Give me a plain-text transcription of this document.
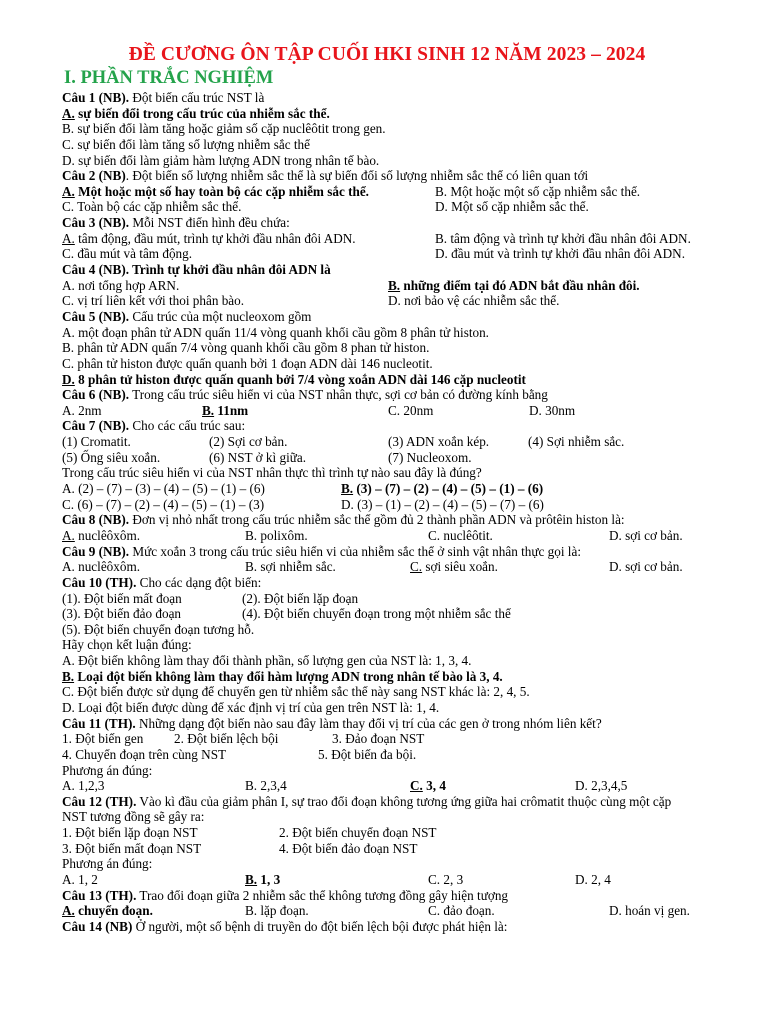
ĐỀ CƯƠNG ÔN TẬP CUỐI HKI SINH 12 NĂM 2023 – 2024
I. PHẦN TRẮC NGHIỆM
Câu 1 (NB). Đột biến cấu trúc NST là
A. sự biến đổi trong cấu trúc của nhiễm sắc thể.
B. sự biến đổi làm tăng hoặc giảm số cặp nuclêôtit trong gen.
C. sự biến đổi làm tăng số lượng nhiễm sắc thể
D. sự biến đổi làm giảm hàm lượng ADN trong nhân tế bào.
Câu 2 (NB). Đột biến số lượng nhiễm sắc thể là sự biến đổi số lượng nhiễm sắc thể có liên quan tới
A. Một hoặc một số hay toàn bộ các cặp nhiễm sắc thể.	B. Một hoặc một số cặp nhiễm sắc thể.
C. Toàn bộ các cặp nhiễm sắc thể.	D. Một số cặp nhiễm sắc thể.
Câu 3 (NB). Mỗi NST điển hình đều chứa:
A. tâm động, đầu mút, trình tự khởi đầu nhân đôi ADN.	B. tâm động và trình tự khởi đầu nhân đôi ADN.
C. đầu mút và tâm động.	D. đầu mút và trình tự khởi đầu nhân đôi ADN.
Câu 4 (NB). Trình tự khởi đầu nhân đôi ADN là
A. nơi tổng hợp ARN.	B. những điểm tại đó ADN bắt đầu nhân đôi.
C. vị trí liên kết với thoi phân bào.	D. nơi bảo vệ các nhiễm sắc thể.
Câu 5 (NB). Cấu trúc của một nucleoxom gồm
A. một đoạn phân tử ADN quấn 11/4 vòng quanh khối cầu gồm 8 phân tử histon.
B. phân tử ADN quấn 7/4 vòng quanh khối cầu gồm 8 phan tử histon.
C. phân tử histon được quấn quanh bởi 1 đoạn ADN dài 146 nucleotit.
D. 8 phân tử histon được quấn quanh bởi 7/4 vòng xoắn ADN dài 146 cặp nucleotit
Câu 6 (NB). Trong cấu trúc siêu hiển vi của NST nhân thực, sợi cơ bản có đường kính bằng
A. 2nm	B. 11nm	C. 20nm	D. 30nm
Câu 7 (NB). Cho các cấu trúc sau:
(1) Cromatit.	(2) Sợi cơ bản.	(3) ADN xoắn kép.	(4) Sợi nhiễm sắc.
(5) Ống siêu xoắn.	(6) NST ở kì giữa.	(7) Nucleoxom.
Trong cấu trúc siêu hiển vi của NST nhân thực thì trình tự nào sau đây là đúng?
A. (2) – (7) – (3) – (4) – (5) – (1) – (6)	B. (3) – (7) – (2) – (4) – (5) – (1) – (6)
C. (6) – (7) – (2) – (4) – (5) – (1) – (3)	D. (3) – (1) – (2) – (4) – (5) – (7) – (6)
Câu 8 (NB). Đơn vị nhỏ nhất trong cấu trúc nhiễm sắc thể gồm đủ 2 thành phần ADN và prôtêin histon là:
A. nuclêôxôm.	B. polixôm.	C. nuclêôtit.	D. sợi cơ bản.
Câu 9 (NB). Mức xoắn 3 trong cấu trúc siêu hiển vi của nhiễm sắc thể ở sinh vật nhân thực gọi là:
A. nuclêôxôm.	B. sợi nhiễm sắc.	C. sợi siêu xoắn.	D. sợi cơ bản.
Câu 10 (TH). Cho các dạng đột biến:
(1). Đột biến mất đoạn	(2). Đột biến lặp đoạn
(3). Đột biến đảo đoạn	(4). Đột biến chuyển đoạn trong một nhiễm sắc thể
(5). Đột biến chuyển đoạn tương hỗ.
Hãy chọn kết luận đúng:
A. Đột biến không làm thay đổi thành phần, số lượng gen của NST là: 1, 3, 4.
B. Loại đột biến không làm thay đổi hàm lượng ADN trong nhân tế bào là 3, 4.
C. Đột biến được sử dụng để chuyển gen từ nhiễm sắc thể này sang NST khác là: 2, 4, 5.
D. Loại đột biến được dùng để xác định vị trí của gen trên NST là: 1, 4.
Câu 11 (TH). Những dạng đột biến nào sau đây làm thay đổi vị trí của các gen ở trong nhóm liên kết?
1. Đột biến gen 2. Đột biến lệch bội	3. Đảo đoạn NST
4. Chuyển đoạn trên cùng NST	5. Đột biến đa bội.
Phương án đúng:
A. 1,2,3	B. 2,3,4	C. 3, 4	D. 2,3,4,5
Câu 12 (TH). Vào kì đầu của giảm phân I, sự trao đổi đoạn không tương ứng giữa hai crômatit thuộc cùng một cặp
NST tương đồng sẽ gây ra:
1. Đột biến lặp đoạn NST	2. Đột biến chuyển đoạn NST
3. Đột biến mất đoạn NST	4. Đột biến đảo đoạn NST
Phương án đúng:
A. 1, 2	B. 1, 3	C. 2, 3	D. 2, 4
Câu 13 (TH). Trao đổi đoạn giữa 2 nhiễm sắc thể không tương đồng gây hiện tượng
A. chuyển đoạn.	B. lặp đoạn.	C. đảo đoạn.	D. hoán vị gen.
Câu 14 (NB) Ở người, một số bệnh di truyền do đột biến lệch bội được phát hiện là:
